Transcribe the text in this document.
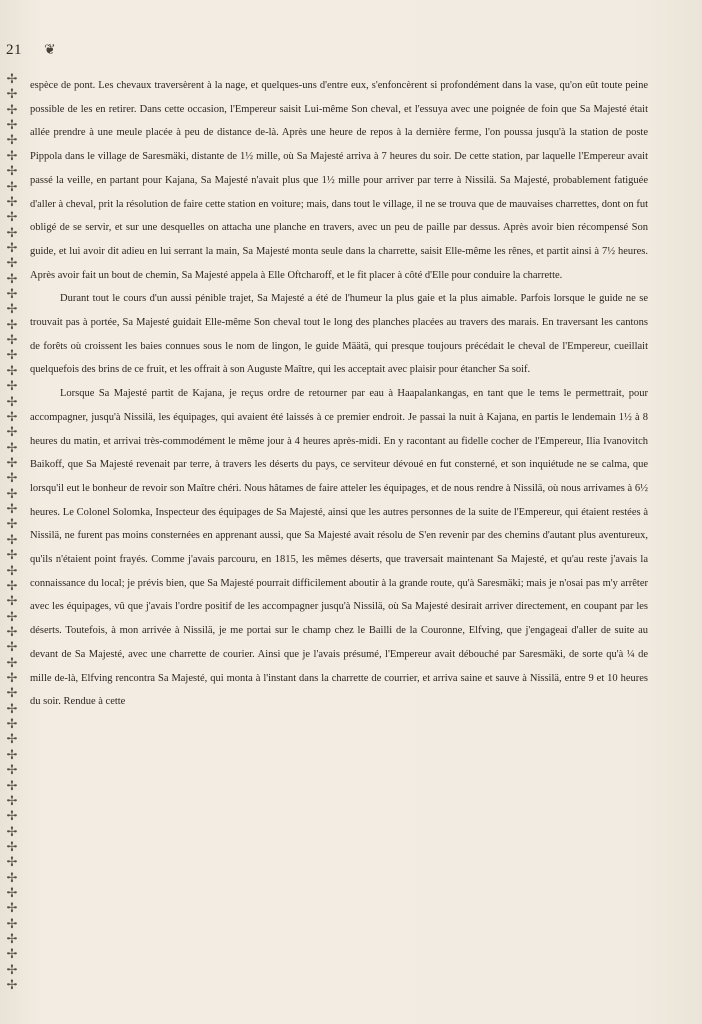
21 ❦
✢
✢
✢
✢
✢
✢
✢
✢
✢
✢
✢
✢
✢
✢
✢
✢
✢
✢
✢
✢
✢
✢
✢
✢
✢
✢
✢
✢
✢
✢
✢
✢
✢
✢
✢
✢
✢
✢
✢
✢
✢
✢
✢
✢
✢
✢
✢
✢
✢
✢
✢
✢
✢
✢
✢
✢
✢
✢
✢
✢

espèce de pont. Les chevaux traversèrent à la nage, et quelques-uns d'entre eux, s'enfoncèrent si profondément dans la vase, qu'on eût toute peine possible de les en retirer. Dans cette occasion, l'Empereur saisit Lui-même Son cheval, et l'essuya avec une poignée de foin que Sa Majesté était allée prendre à une meule placée à peu de distance de-là. Après une heure de repos à la dernière ferme, l'on poussa jusqu'à la station de poste Pippola dans le village de Saresmäki, distante de 1½ mille, où Sa Majesté arriva à 7 heures du soir. De cette station, par laquelle l'Empereur avait passé la veille, en partant pour Kajana, Sa Majesté n'avait plus que 1½ mille pour arriver par terre à Nissilä. Sa Majesté, probablement fatiguée d'aller à cheval, prit la résolution de faire cette station en voiture; mais, dans tout le village, il ne se trouva que de mauvaises charrettes, dont on fut obligé de se servir, et sur une desquelles on attacha une planche en travers, avec un peu de paille par dessus. Après avoir bien récompensé Son guide, et lui avoir dit adieu en lui serrant la main, Sa Majesté monta seule dans la charrette, saisit Elle-même les rênes, et partit ainsi à 7½ heures. Après avoir fait un bout de chemin, Sa Majesté appela à Elle Oftcharoff, et le fit placer à côté d'Elle pour conduire la charrette.

Durant tout le cours d'un aussi pénible trajet, Sa Majesté a été de l'humeur la plus gaie et la plus aimable. Parfois lorsque le guide ne se trouvait pas à portée, Sa Majesté guidait Elle-même Son cheval tout le long des planches placées au travers des marais. En traversant les cantons de forêts où croissent les baies connues sous le nom de lingon, le guide Määtä, qui presque toujours précédait le cheval de l'Empereur, cueillait quelquefois des brins de ce fruit, et les offrait à son Auguste Maître, qui les acceptait avec plaisir pour étancher Sa soif.

Lorsque Sa Majesté partit de Kajana, je reçus ordre de retourner par eau à Haapalankangas, en tant que le tems le permettrait, pour accompagner, jusqu'à Nissilä, les équipages, qui avaient été laissés à ce premier endroit. Je passai la nuit à Kajana, en partis le lendemain 1½ à 8 heures du matin, et arrivai très-commodément le même jour à 4 heures après-midi. En y racontant au fidelle cocher de l'Empereur, Ilia Ivanovitch Baikoff, que Sa Majesté revenait par terre, à travers les déserts du pays, ce serviteur dévoué en fut consterné, et son inquiétude ne se calma, que lorsqu'il eut le bonheur de revoir son Maître chéri. Nous hâtames de faire atteler les équipages, et de nous rendre à Nissilä, où nous arrivames à 6½ heures. Le Colonel Solomka, Inspecteur des équipages de Sa Majesté, ainsi que les autres personnes de la suite de l'Empereur, qui étaient restées à Nissilä, ne furent pas moins consternées en apprenant aussi, que Sa Majesté avait résolu de S'en revenir par des chemins d'autant plus aventureux, qu'ils n'étaient point frayés. Comme j'avais parcouru, en 1815, les mêmes déserts, que traversait maintenant Sa Majesté, et qu'au reste j'avais la connaissance du local; je prévis bien, que Sa Majesté pourrait difficilement aboutir à la grande route, qu'à Saresmäki; mais je n'osai pas m'y arrêter avec les équipages, vû que j'avais l'ordre positif de les accompagner jusqu'à Nissilä, où Sa Majesté desirait arriver directement, en coupant par les déserts. Toutefois, à mon arrivée à Nissilä, je me portai sur le champ chez le Bailli de la Couronne, Elfving, que j'engageai d'aller de suite au devant de Sa Majesté, avec une charrette de courier. Ainsi que je l'avais présumé, l'Empereur avait débouché par Saresmäki, de sorte qu'à ¼ de mille de-là, Elfving rencontra Sa Majesté, qui monta à l'instant dans la charrette de courrier, et arriva saine et sauve à Nissilä, entre 9 et 10 heures du soir. Rendue à cette
